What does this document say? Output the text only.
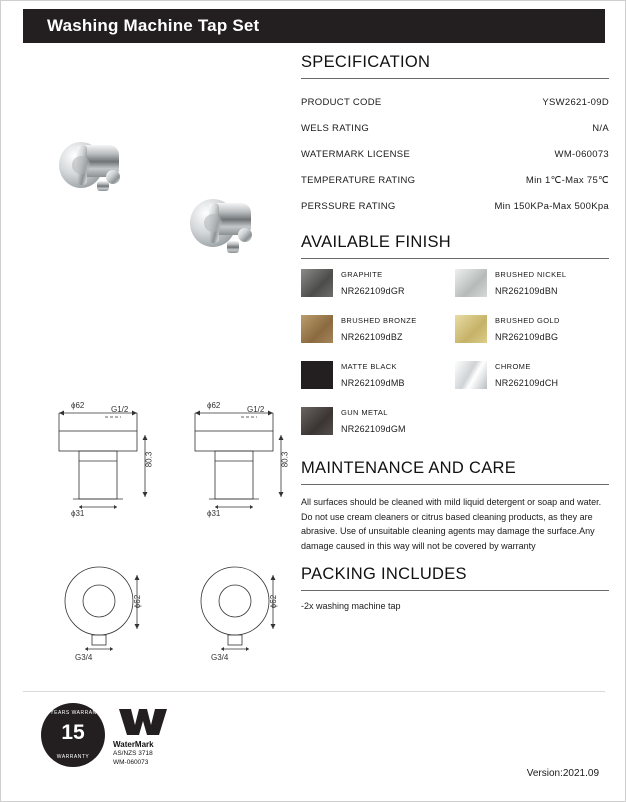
Washing Machine Tap Set
ϕ62	G1/2
80.3
ϕ31
ϕ62	G1/2
80.3
ϕ31
ϕ62
G3/4
ϕ62
G3/4
SPECIFICATION
PRODUCT CODE	YSW2621-09D
WELS RATING	N/A
WATERMARK LICENSE	WM-060073
TEMPERATURE RATING	Min 1℃-Max 75℃
PERSSURE RATING	Min 150KPa-Max 500Kpa
AVAILABLE FINISH
GRAPHITE
NR262109dGR
BRUSHED NICKEL
NR262109dBN
BRUSHED BRONZE
NR262109dBZ
BRUSHED GOLD
NR262109dBG
MATTE BLACK
NR262109dMB
CHROME
NR262109dCH
GUN METAL
NR262109dGM
MAINTENANCE AND CARE
All surfaces should be cleaned with mild liquid detergent or soap and water. Do not use cream cleaners or citrus based cleaning products, as they are abrasive. Use of unsuitable cleaning agents may damage the surface.Any damage caused in this way will not be covered by warranty
PACKING INCLUDES
-2x washing machine tap
15 YEARS WARRANTY
15
WARRANTY
WaterMark
AS/NZS 3718
WM-060073
Version:2021.09
